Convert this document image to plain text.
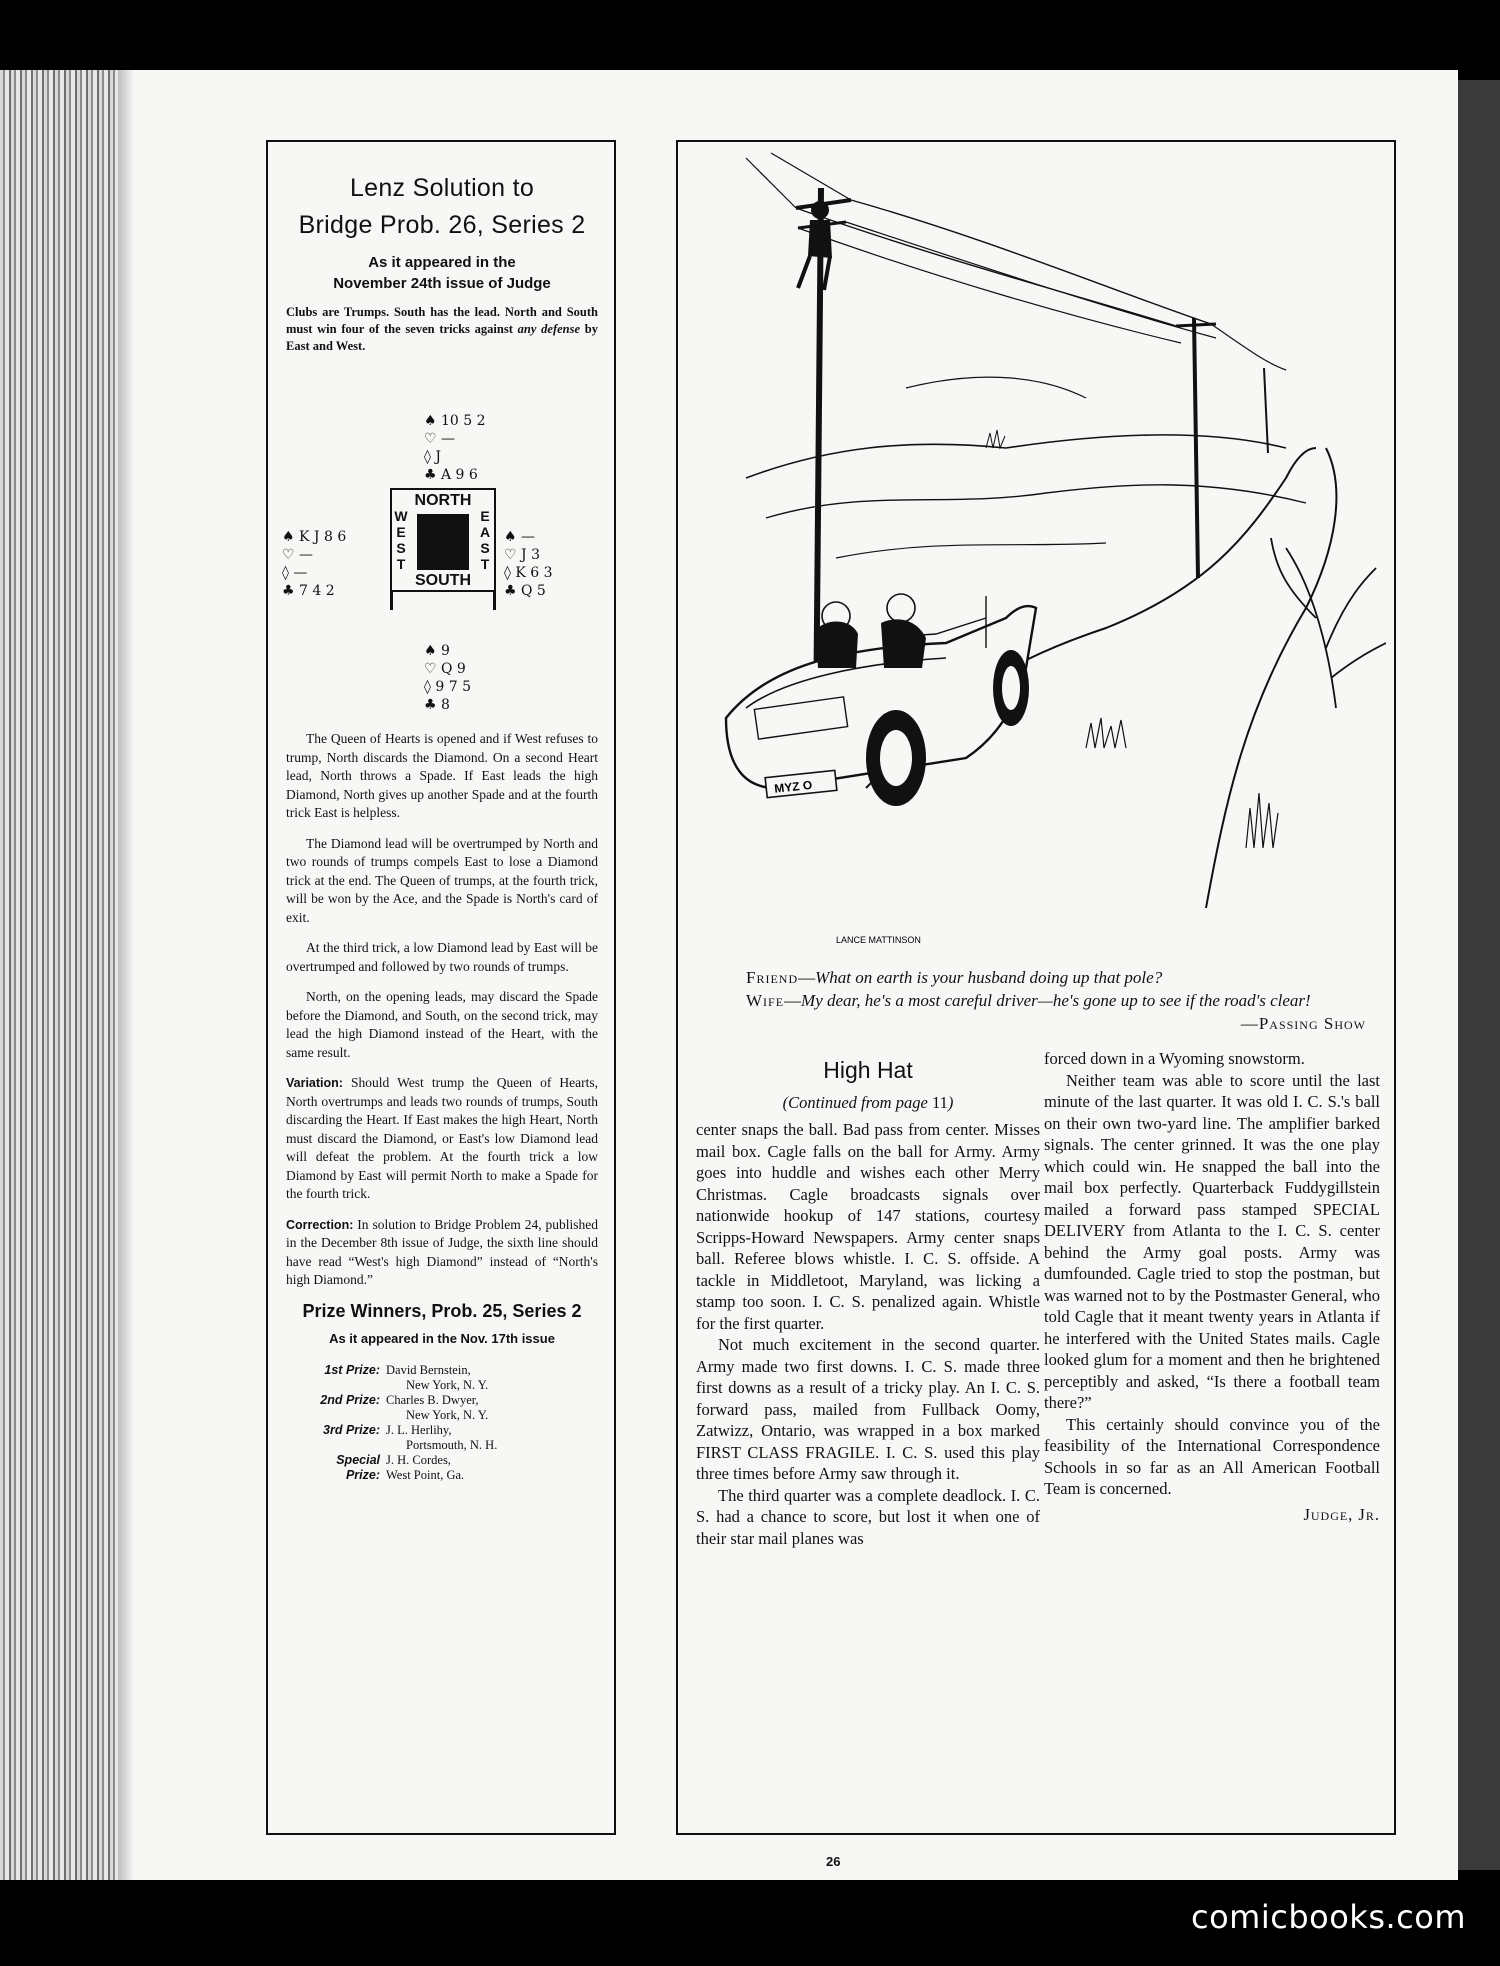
Lenz Solution to
Bridge Prob. 26, Series 2
As it appeared in the
November 24th issue of Judge
Clubs are Trumps. South has the lead. North and South must win four of the seven tricks against any defense by East and West.
♠ 10 5 2
♡ —
◊ J
♣ A 9 6
♠ K J 8 6
♡ —
◊ —
♣ 7 4 2
♠ —
♡ J 3
◊ K 6 3
♣ Q 5
♠ 9
♡ Q 9
◊ 9 7 5
♣ 8
NORTH
W
E
S
T
E
A
S
T
SOUTH

The Queen of Hearts is opened and if West refuses to trump, North discards the Diamond. On a second Heart lead, North throws a Spade. If East leads the high Diamond, North gives up another Spade and at the fourth trick East is helpless.

The Diamond lead will be overtrumped by North and two rounds of trumps compels East to lose a Diamond trick at the end. The Queen of trumps, at the fourth trick, will be won by the Ace, and the Spade is North's card of exit.

At the third trick, a low Diamond lead by East will be overtrumped and followed by two rounds of trumps.

North, on the opening leads, may discard the Spade before the Diamond, and South, on the second trick, may lead the high Diamond instead of the Heart, with the same result.

Variation: Should West trump the Queen of Hearts, North overtrumps and leads two rounds of trumps, South discarding the Heart. If East makes the high Heart, North must discard the Diamond, or East's low Diamond lead will defeat the problem. At the fourth trick a low Diamond by East will permit North to make a Spade for the fourth trick.

Correction: In solution to Bridge Problem 24, published in the December 8th issue of Judge, the sixth line should have read “West's high Diamond” instead of “North's high Diamond.”

Prize Winners, Prob. 25, Series 2
As it appeared in the Nov. 17th issue
1st Prize:	David Bernstein,
New York, N. Y.

2nd Prize:	Charles B. Dwyer,
New York, N. Y.

3rd Prize:	J. L. Herlihy,
Portsmouth, N. H.

Special Prize:	J. H. Cordes,
West Point, Ga.
MYZ O
LANCE MATTINSON
Friend—What on earth is your husband doing up that pole?
Wife—My dear, he's a most careful driver—he's gone up to see if the road's clear!
—Passing Show
High Hat
(Continued from page 11)

center snaps the ball. Bad pass from center. Misses mail box. Cagle falls on the ball for Army. Army goes into huddle and wishes each other Merry Christmas. Cagle broadcasts signals over nationwide hookup of 147 stations, courtesy Scripps-Howard Newspapers. Army center snaps ball. Referee blows whistle. I. C. S. offside. A tackle in Middletoot, Maryland, was licking a stamp too soon. I. C. S. penalized again. Whistle for the first quarter.

Not much excitement in the second quarter. Army made two first downs. I. C. S. made three first downs as a result of a tricky play. An I. C. S. forward pass, mailed from Fullback Oomy, Zatwizz, Ontario, was wrapped in a box marked FIRST CLASS FRAGILE. I. C. S. used this play three times before Army saw through it.

The third quarter was a complete deadlock. I. C. S. had a chance to score, but lost it when one of their star mail planes was

forced down in a Wyoming snowstorm.

Neither team was able to score until the last minute of the last quarter. It was old I. C. S.'s ball on their own two-yard line. The amplifier barked signals. The center grinned. It was the one play which could win. He snapped the ball into the mail box perfectly. Quarterback Fuddygillstein mailed a forward pass stamped SPECIAL DELIVERY from Atlanta to the I. C. S. center behind the Army goal posts. Army was dumfounded. Cagle tried to stop the postman, but was warned not to by the Postmaster General, who told Cagle that it meant twenty years in Atlanta if he interfered with the United States mails. Cagle looked glum for a moment and then he brightened perceptibly and asked, “Is there a football team there?”

This certainly should convince you of the feasibility of the International Correspondence Schools in so far as an All American Football Team is concerned.

Judge, Jr.
26
comicbooks.com
